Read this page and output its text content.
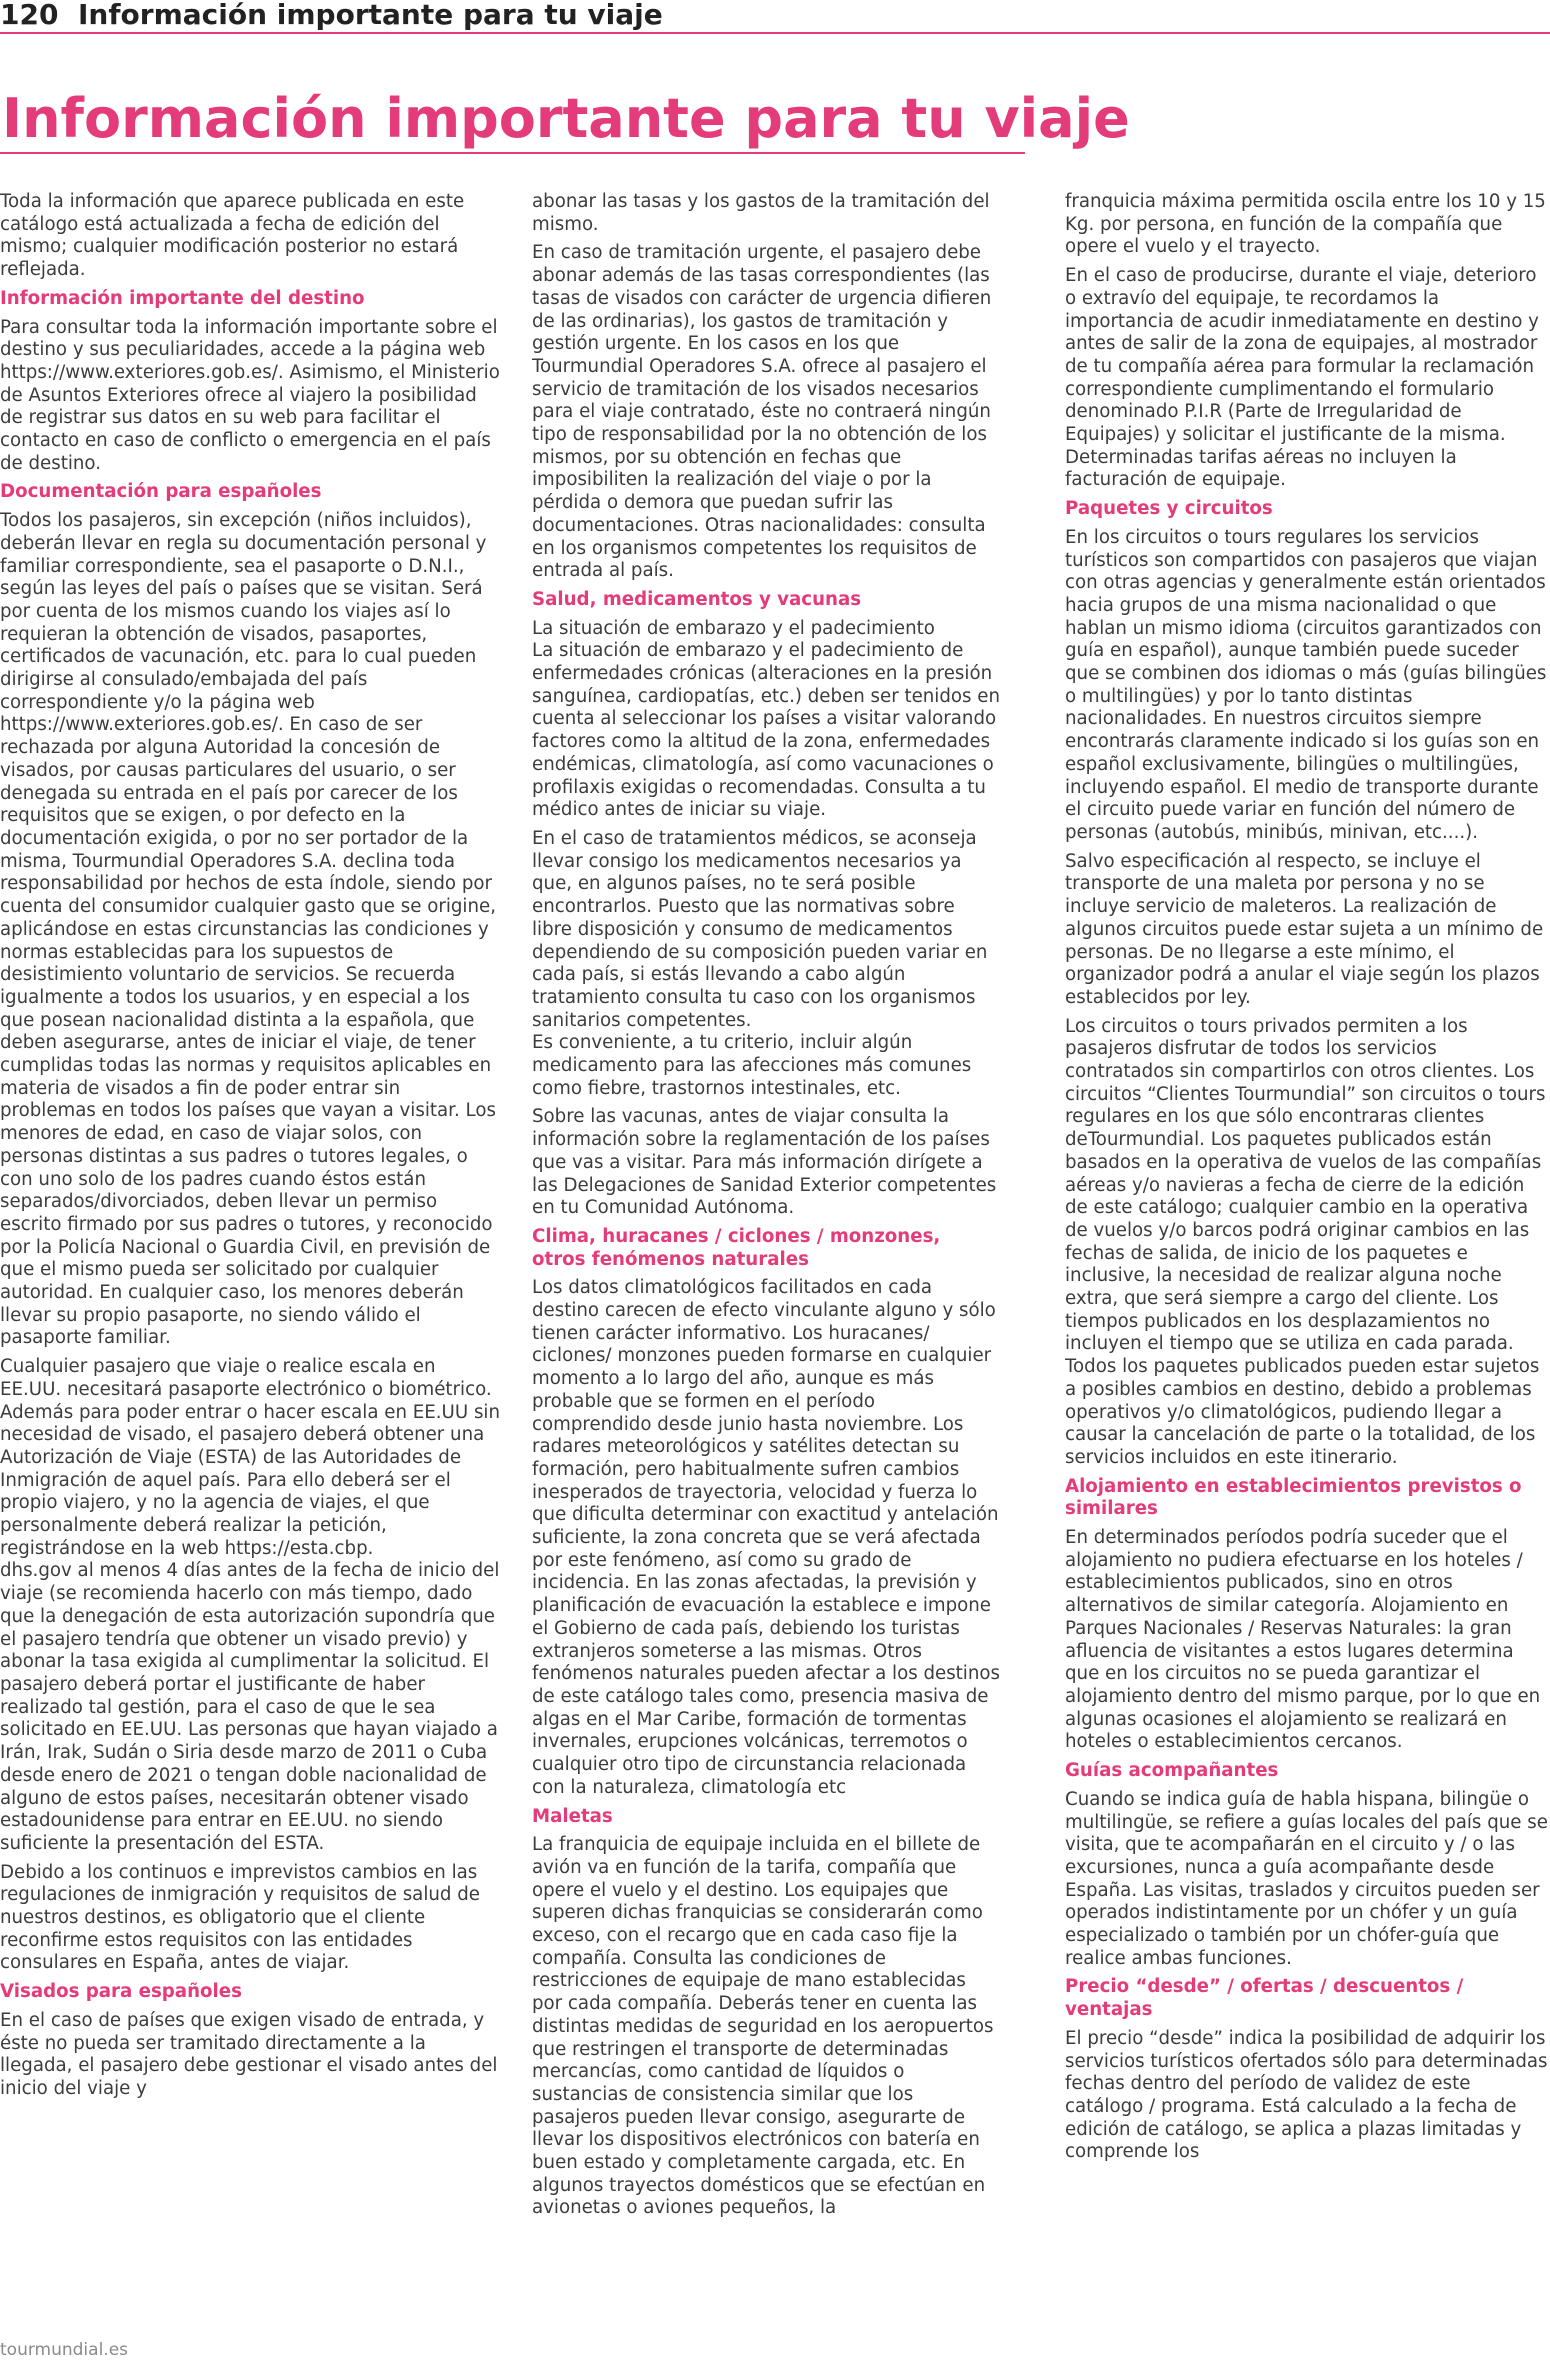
120 Información importante para tu viaje
Información importante para tu viaje

Toda la información que aparece publicada en este catálogo está actualizada a fecha de edición del mismo; cualquier modificación posterior no estará reflejada.

Información importante del destino

Para consultar toda la información importante sobre el destino y sus peculiaridades, accede a la página web https://www.exteriores.gob.es/. Asimismo, el Ministerio de Asuntos Exteriores ofrece al viajero la posibilidad de registrar sus datos en su web para facilitar el contacto en caso de conflicto o emergencia en el país de destino.

Documentación para españoles

Todos los pasajeros, sin excepción (niños incluidos), deberán llevar en regla su documentación personal y familiar correspondiente, sea el pasaporte o D.N.I., según las leyes del país o países que se visitan. Será por cuenta de los mismos cuando los viajes así lo requieran la obtención de visados, pasaportes, certificados de vacunación, etc. para lo cual pueden dirigirse al consulado/embajada del país correspondiente y/o la página web https://www.exteriores.gob.es/. En caso de ser rechazada por alguna Autoridad la concesión de visados, por causas particulares del usuario, o ser denegada su entrada en el país por carecer de los requisitos que se exigen, o por defecto en la documentación exigida, o por no ser portador de la misma, Tourmundial Operadores S.A. declina toda responsabilidad por hechos de esta índole, siendo por cuenta del consumidor cualquier gasto que se origine, aplicándose en estas circunstancias las condiciones y normas establecidas para los supuestos de desistimiento voluntario de servicios. Se recuerda igualmente a todos los usuarios, y en especial a los que posean nacionalidad distinta a la española, que deben asegurarse, antes de iniciar el viaje, de tener cumplidas todas las normas y requisitos aplicables en materia de visados a fin de poder entrar sin problemas en todos los países que vayan a visitar. Los menores de edad, en caso de viajar solos, con personas distintas a sus padres o tutores legales, o con uno solo de los padres cuando éstos están separados/divorciados, deben llevar un permiso escrito firmado por sus padres o tutores, y reconocido por la Policía Nacional o Guardia Civil, en previsión de que el mismo pueda ser solicitado por cualquier autoridad. En cualquier caso, los menores deberán llevar su propio pasaporte, no siendo válido el pasaporte familiar.

Cualquier pasajero que viaje o realice escala en EE.UU. necesitará pasaporte electrónico o biométrico. Además para poder entrar o hacer escala en EE.UU sin necesidad de visado, el pasajero deberá obtener una Autorización de Viaje (ESTA) de las Autoridades de Inmigración de aquel país. Para ello deberá ser el propio viajero, y no la agencia de viajes, el que personalmente deberá realizar la petición, registrándose en la web https://esta.cbp.
dhs.gov al menos 4 días antes de la fecha de inicio del viaje (se recomienda hacerlo con más tiempo, dado que la denegación de esta autorización supondría que el pasajero tendría que obtener un visado previo) y abonar la tasa exigida al cumplimentar la solicitud. El pasajero deberá portar el justificante de haber realizado tal gestión, para el caso de que le sea solicitado en EE.UU. Las personas que hayan viajado a Irán, Irak, Sudán o Siria desde marzo de 2011 o Cuba desde enero de 2021 o tengan doble nacionalidad de alguno de estos países, necesitarán obtener visado estadounidense para entrar en EE.UU. no siendo suficiente la presentación del ESTA.

Debido a los continuos e imprevistos cambios en las regulaciones de inmigración y requisitos de salud de nuestros destinos, es obligatorio que el cliente reconfirme estos requisitos con las entidades consulares en España, antes de viajar.

Visados para españoles

En el caso de países que exigen visado de entrada, y éste no pueda ser tramitado directamente a la llegada, el pasajero debe gestionar el visado antes del inicio del viaje y

abonar las tasas y los gastos de la tramitación del mismo.

En caso de tramitación urgente, el pasajero debe abonar además de las tasas correspondientes (las tasas de visados con carácter de urgencia difieren de las ordinarias), los gastos de tramitación y gestión urgente. En los casos en los que Tourmundial Operadores S.A. ofrece al pasajero el servicio de tramitación de los visados necesarios para el viaje contratado, éste no contraerá ningún tipo de responsabilidad por la no obtención de los mismos, por su obtención en fechas que imposibiliten la realización del viaje o por la pérdida o demora que puedan sufrir las documentaciones. Otras nacionalidades: consulta en los organismos competentes los requisitos de entrada al país.

Salud, medicamentos y vacunas

La situación de embarazo y el padecimiento
La situación de embarazo y el padecimiento de enfermedades crónicas (alteraciones en la presión sanguínea, cardiopatías, etc.) deben ser tenidos en cuenta al seleccionar los países a visitar valorando factores como la altitud de la zona, enfermedades endémicas, climatología, así como vacunaciones o profilaxis exigidas o recomendadas. Consulta a tu médico antes de iniciar su viaje.

En el caso de tratamientos médicos, se aconseja llevar consigo los medicamentos necesarios ya que, en algunos países, no te será posible encontrarlos. Puesto que las normativas sobre libre disposición y consumo de medicamentos dependiendo de su composición pueden variar en cada país, si estás llevando a cabo algún tratamiento consulta tu caso con los organismos sanitarios competentes.
Es conveniente, a tu criterio, incluir algún medicamento para las afecciones más comunes como fiebre, trastornos intestinales, etc.

Sobre las vacunas, antes de viajar consulta la información sobre la reglamentación de los países que vas a visitar. Para más información dirígete a las Delegaciones de Sanidad Exterior competentes en tu Comunidad Autónoma.

Clima, huracanes / ciclones / monzones, otros fenómenos naturales

Los datos climatológicos facilitados en cada destino carecen de efecto vinculante alguno y sólo tienen carácter informativo. Los huracanes/ ciclones/ monzones pueden formarse en cualquier momento a lo largo del año, aunque es más probable que se formen en el período comprendido desde junio hasta noviembre. Los radares meteorológicos y satélites detectan su formación, pero habitualmente sufren cambios inesperados de trayectoria, velocidad y fuerza lo que dificulta determinar con exactitud y antelación suficiente, la zona concreta que se verá afectada por este fenómeno, así como su grado de incidencia. En las zonas afectadas, la previsión y planificación de evacuación la establece e impone el Gobierno de cada país, debiendo los turistas extranjeros someterse a las mismas. Otros fenómenos naturales pueden afectar a los destinos de este catálogo tales como, presencia masiva de algas en el Mar Caribe, formación de tormentas invernales, erupciones volcánicas, terremotos o cualquier otro tipo de circunstancia relacionada con la naturaleza, climatología etc

Maletas

La franquicia de equipaje incluida en el billete de avión va en función de la tarifa, compañía que opere el vuelo y el destino. Los equipajes que superen dichas franquicias se considerarán como exceso, con el recargo que en cada caso fije la compañía. Consulta las condiciones de restricciones de equipaje de mano establecidas por cada compañía. Deberás tener en cuenta las distintas medidas de seguridad en los aeropuertos que restringen el transporte de determinadas mercancías, como cantidad de líquidos o sustancias de consistencia similar que los pasajeros pueden llevar consigo, asegurarte de llevar los dispositivos electrónicos con batería en buen estado y completamente cargada, etc. En algunos trayectos domésticos que se efectúan en avionetas o aviones pequeños, la

franquicia máxima permitida oscila entre los 10 y 15 Kg. por persona, en función de la compañía que opere el vuelo y el trayecto.

En el caso de producirse, durante el viaje, deterioro o extravío del equipaje, te recordamos la importancia de acudir inmediatamente en destino y antes de salir de la zona de equipajes, al mostrador de tu compañía aérea para formular la reclamación correspondiente cumplimentando el formulario denominado P.I.R (Parte de Irregularidad de Equipajes) y solicitar el justificante de la misma. Determinadas tarifas aéreas no incluyen la facturación de equipaje.

Paquetes y circuitos

En los circuitos o tours regulares los servicios turísticos son compartidos con pasajeros que viajan con otras agencias y generalmente están orientados hacia grupos de una misma nacionalidad o que hablan un mismo idioma (circuitos garantizados con guía en español), aunque también puede suceder que se combinen dos idiomas o más (guías bilingües o multilingües) y por lo tanto distintas nacionalidades. En nuestros circuitos siempre encontrarás claramente indicado si los guías son en español exclusivamente, bilingües o multilingües, incluyendo español. El medio de transporte durante el circuito puede variar en función del número de personas (autobús, minibús, minivan, etc....).

Salvo especificación al respecto, se incluye el transporte de una maleta por persona y no se incluye servicio de maleteros. La realización de algunos circuitos puede estar sujeta a un mínimo de personas. De no llegarse a este mínimo, el organizador podrá a anular el viaje según los plazos establecidos por ley.

Los circuitos o tours privados permiten a los pasajeros disfrutar de todos los servicios contratados sin compartirlos con otros clientes. Los circuitos “Clientes Tourmundial” son circuitos o tours regulares en los que sólo encontraras clientes deTourmundial. Los paquetes publicados están basados en la operativa de vuelos de las compañías aéreas y/o navieras a fecha de cierre de la edición de este catálogo; cualquier cambio en la operativa de vuelos y/o barcos podrá originar cambios en las fechas de salida, de inicio de los paquetes e inclusive, la necesidad de realizar alguna noche extra, que será siempre a cargo del cliente. Los tiempos publicados en los desplazamientos no incluyen el tiempo que se utiliza en cada parada. Todos los paquetes publicados pueden estar sujetos a posibles cambios en destino, debido a problemas operativos y/o climatológicos, pudiendo llegar a causar la cancelación de parte o la totalidad, de los servicios incluidos en este itinerario.

Alojamiento en establecimientos previstos o similares

En determinados períodos podría suceder que el alojamiento no pudiera efectuarse en los hoteles / establecimientos publicados, sino en otros alternativos de similar categoría. Alojamiento en Parques Nacionales / Reservas Naturales: la gran afluencia de visitantes a estos lugares determina que en los circuitos no se pueda garantizar el alojamiento dentro del mismo parque, por lo que en algunas ocasiones el alojamiento se realizará en hoteles o establecimientos cercanos.

Guías acompañantes

Cuando se indica guía de habla hispana, bilingüe o multilingüe, se refiere a guías locales del país que se visita, que te acompañarán en el circuito y / o las excursiones, nunca a guía acompañante desde España. Las visitas, traslados y circuitos pueden ser operados indistintamente por un chófer y un guía especializado o también por un chófer-guía que realice ambas funciones.

Precio “desde” / ofertas / descuentos / ventajas

El precio “desde” indica la posibilidad de adquirir los servicios turísticos ofertados sólo para determinadas fechas dentro del período de validez de este catálogo / programa. Está calculado a la fecha de edición de catálogo, se aplica a plazas limitadas y comprende los

tourmundial.es
